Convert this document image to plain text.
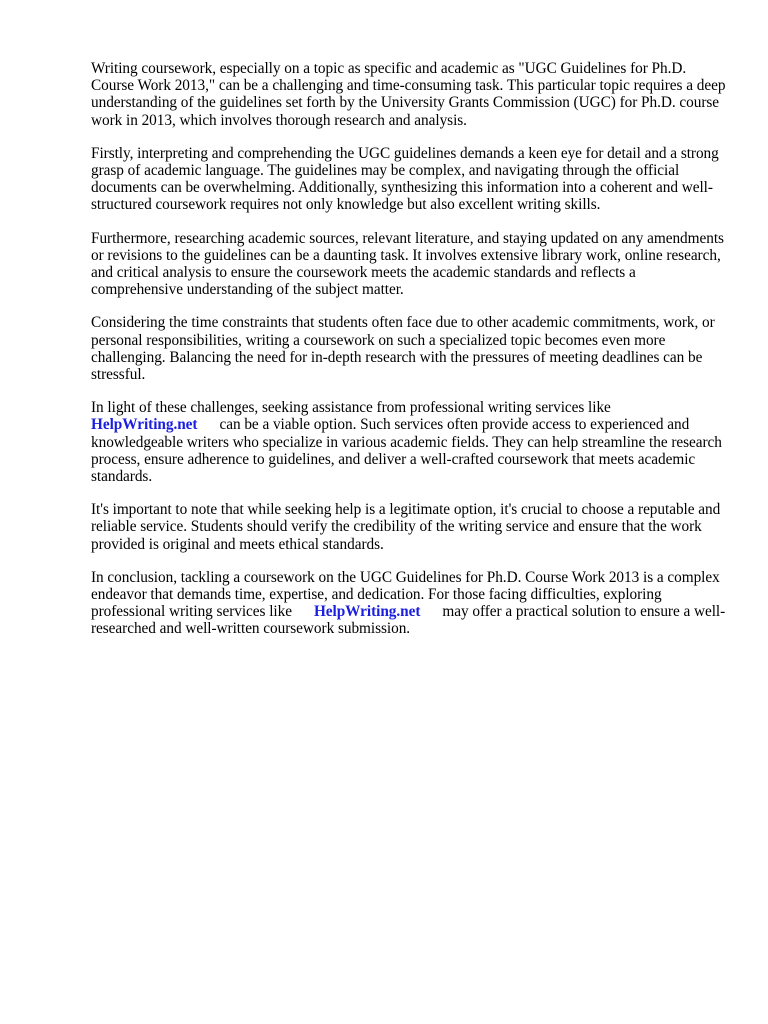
Writing coursework, especially on a topic as specific and academic as "UGC Guidelines for Ph.D. Course Work 2013," can be a challenging and time-consuming task. This particular topic requires a deep understanding of the guidelines set forth by the University Grants Commission (UGC) for Ph.D. course work in 2013, which involves thorough research and analysis.

Firstly, interpreting and comprehending the UGC guidelines demands a keen eye for detail and a strong grasp of academic language. The guidelines may be complex, and navigating through the official documents can be overwhelming. Additionally, synthesizing this information into a coherent and well-structured coursework requires not only knowledge but also excellent writing skills.

Furthermore, researching academic sources, relevant literature, and staying updated on any amendments or revisions to the guidelines can be a daunting task. It involves extensive library work, online research, and critical analysis to ensure the coursework meets the academic standards and reflects a comprehensive understanding of the subject matter.

Considering the time constraints that students often face due to other academic commitments, work, or personal responsibilities, writing a coursework on such a specialized topic becomes even more challenging. Balancing the need for in-depth research with the pressures of meeting deadlines can be stressful.

In light of these challenges, seeking assistance from professional writing services like
HelpWriting.net can be a viable option. Such services often provide access to experienced and knowledgeable writers who specialize in various academic fields. They can help streamline the research process, ensure adherence to guidelines, and deliver a well-crafted coursework that meets academic standards.

It's important to note that while seeking help is a legitimate option, it's crucial to choose a reputable and reliable service. Students should verify the credibility of the writing service and ensure that the work provided is original and meets ethical standards.

In conclusion, tackling a coursework on the UGC Guidelines for Ph.D. Course Work 2013 is a complex endeavor that demands time, expertise, and dedication. For those facing difficulties, exploring professional writing services like HelpWriting.net may offer a practical solution to ensure a well-researched and well-written coursework submission.
